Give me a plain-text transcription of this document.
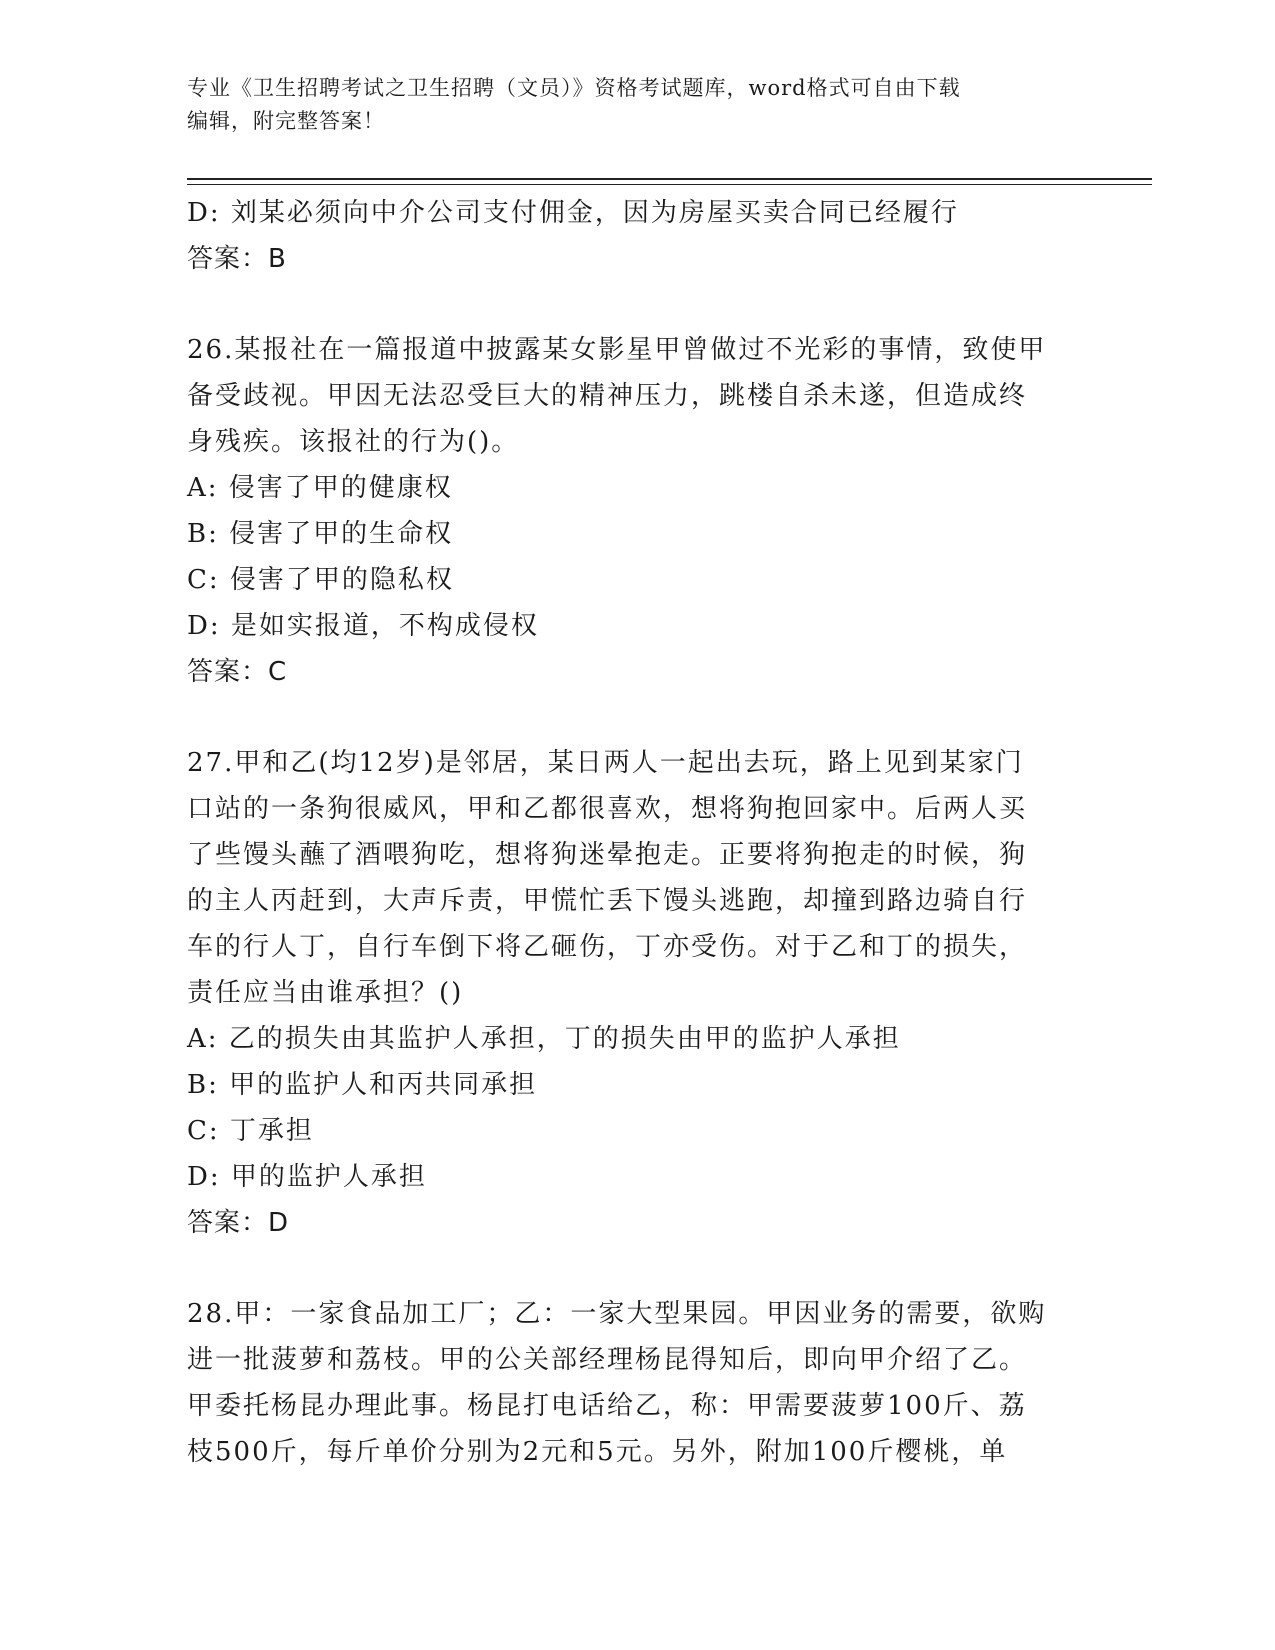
专业《卫生招聘考试之卫生招聘（文员）》资格考试题库，word格式可自由下载
编辑，附完整答案！
D: 刘某必须向中介公司支付佣金，因为房屋买卖合同已经履行
答案：B
26.某报社在一篇报道中披露某女影星甲曾做过不光彩的事情，致使甲
备受歧视。甲因无法忍受巨大的精神压力，跳楼自杀未遂，但造成终
身残疾。该报社的行为()。
A: 侵害了甲的健康权
B: 侵害了甲的生命权
C: 侵害了甲的隐私权
D: 是如实报道，不构成侵权
答案：C
27.甲和乙(均12岁)是邻居，某日两人一起出去玩，路上见到某家门
口站的一条狗很威风，甲和乙都很喜欢，想将狗抱回家中。后两人买
了些馒头蘸了酒喂狗吃，想将狗迷晕抱走。正要将狗抱走的时候，狗
的主人丙赶到，大声斥责，甲慌忙丢下馒头逃跑，却撞到路边骑自行
车的行人丁，自行车倒下将乙砸伤，丁亦受伤。对于乙和丁的损失，
责任应当由谁承担？()
A: 乙的损失由其监护人承担，丁的损失由甲的监护人承担
B: 甲的监护人和丙共同承担
C: 丁承担
D: 甲的监护人承担
答案：D
28.甲：一家食品加工厂；乙：一家大型果园。甲因业务的需要，欲购
进一批菠萝和荔枝。甲的公关部经理杨昆得知后，即向甲介绍了乙。
甲委托杨昆办理此事。杨昆打电话给乙，称：甲需要菠萝100斤、荔
枝500斤，每斤单价分别为2元和5元。另外，附加100斤樱桃，单
